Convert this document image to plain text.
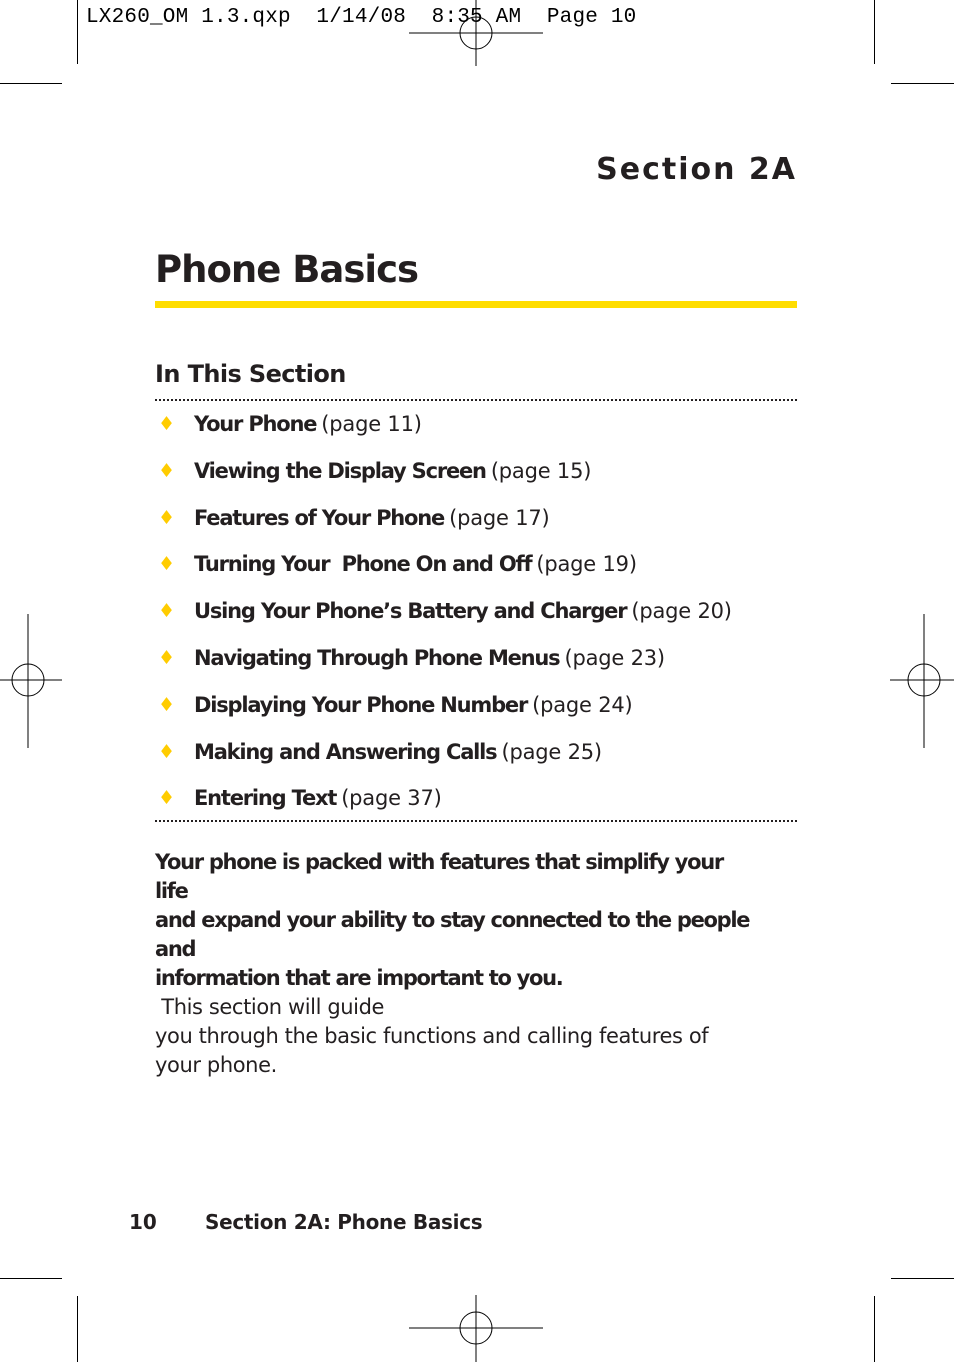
LX260_OM 1.3.qxp  1/14/08  8:35 AM  Page 10
Section 2A
Phone Basics
In This Section
♦ Your Phone (page 11)
♦ Viewing the Display Screen (page 15)
♦ Features of Your Phone (page 17)
♦ Turning Your  Phone On and Off (page 19)
♦ Using Your Phone’s Battery and Charger (page 20)
♦ Navigating Through Phone Menus (page 23)
♦ Displaying Your Phone Number (page 24)
♦ Making and Answering Calls (page 25)
♦ Entering Text (page 37)
Your phone is packed with features that simplify your life
and expand your ability to stay connected to the people and
information that are important to you. This section will guide
you through the basic functions and calling features of
your phone.
10 Section 2A: Phone Basics
